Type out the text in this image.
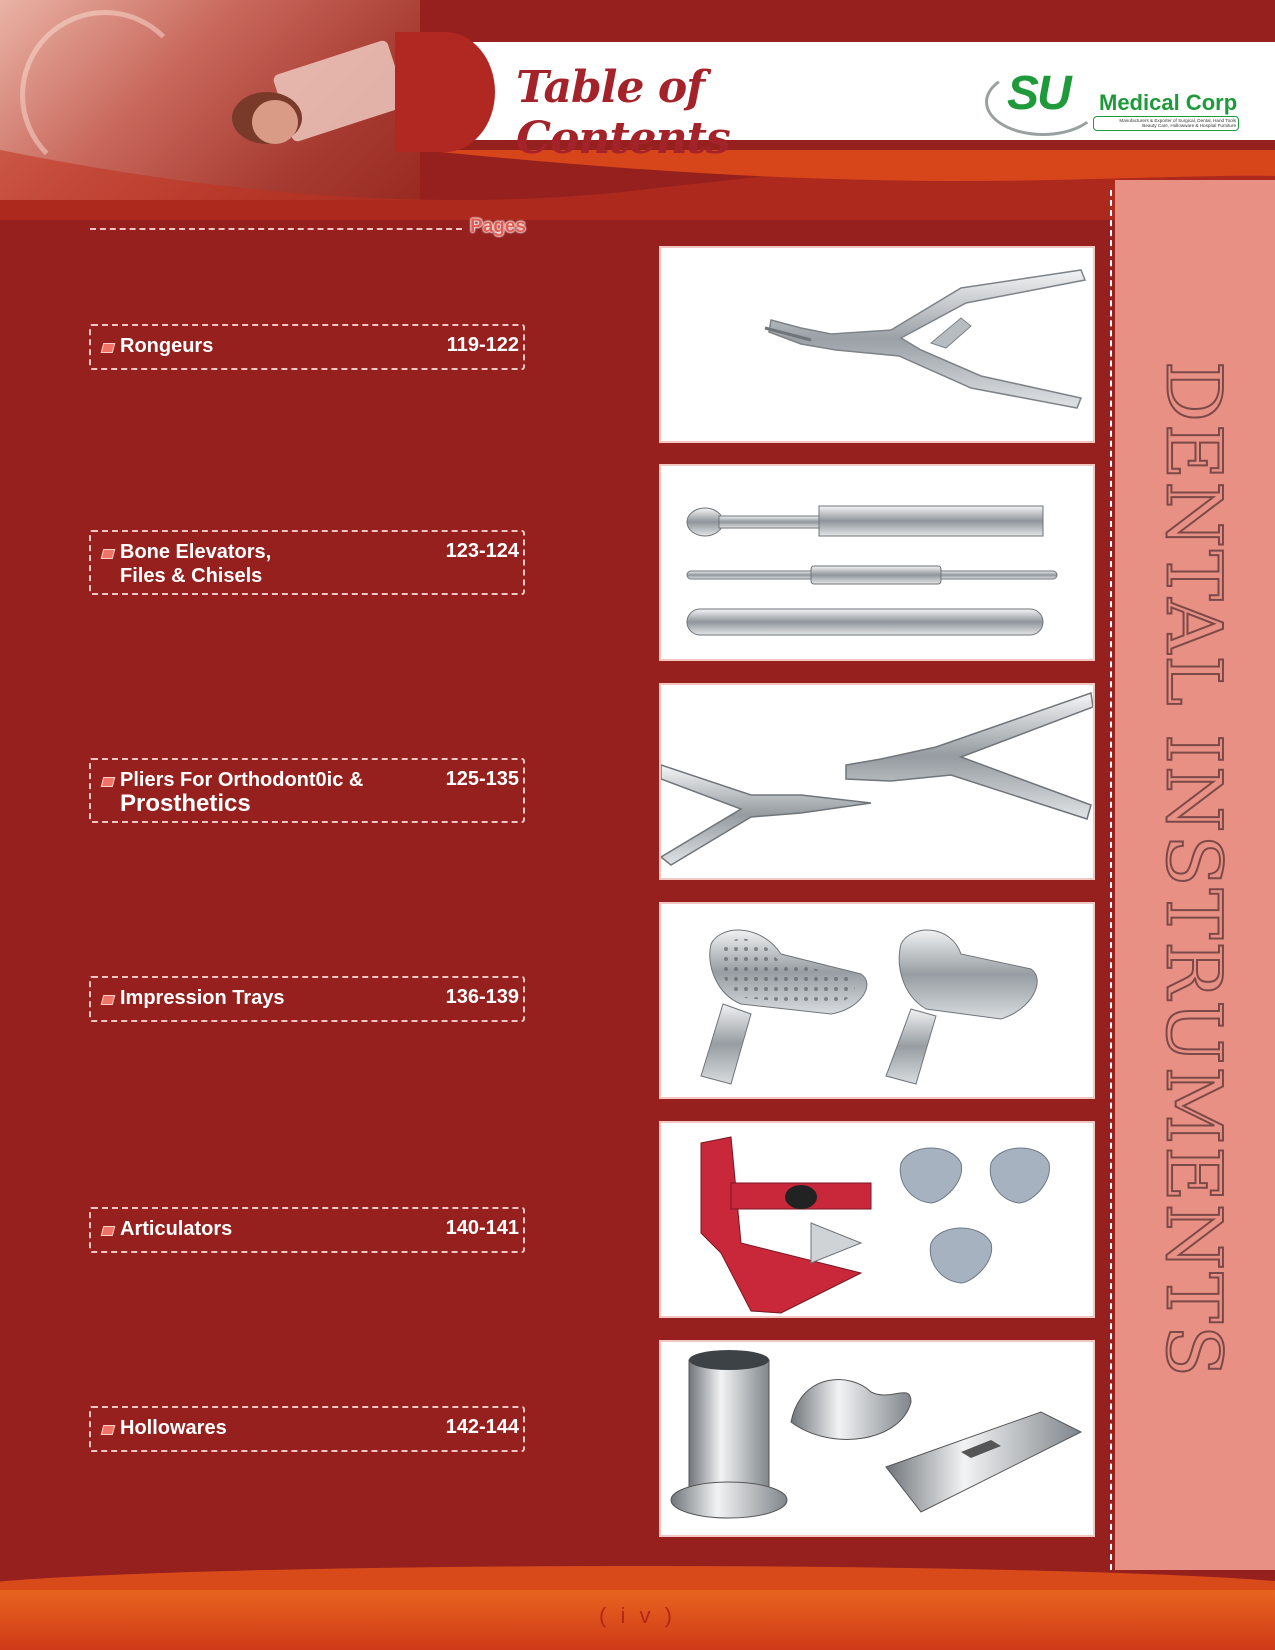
Table of Contents
SU Medical Corp
Manufacturers & Exporter of Surgical, Dental, Hand Tools
Beauty Care, Hollowware & Hospital Furniture
DENTAL INSTRUMENTS
Pages
Rongeurs	119-122
Bone Elevators,
Files & Chisels
123-124
Pliers For Orthodont0ic &
Prosthetics
125-135
Impression Trays	136-139
Articulators	140-141
Hollowares	142-144
( i v )
